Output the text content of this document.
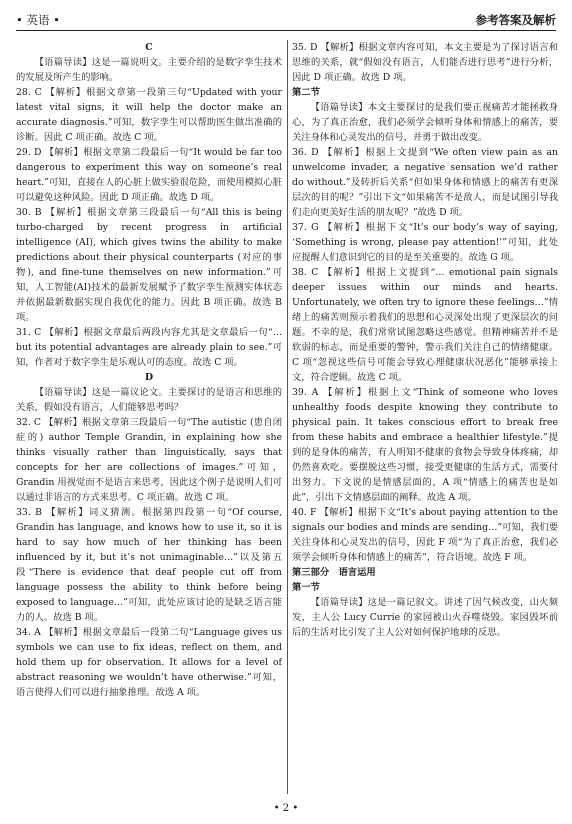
• 英语 •	参考答案及解析

C

【语篇导读】这是一篇说明文。主要介绍的是数字孪生技术的发展及所产生的影响。

28. C 【解析】根据文章第一段第三句“Updated with your latest vital signs, it will help the doctor make an accurate diagnosis.”可知，数字孪生可以帮助医生做出准确的诊断。因此 C 项正确。故选 C 项。

29. D 【解析】根据文章第二段最后一句“It would be far too dangerous to experiment this way on someone’s real heart.”可知，直接在人的心脏上做实验很危险，而使用模拟心脏可以避免这种风险。因此 D 项正确。故选 D 项。

30. B 【解析】根据文章第三段最后一句“All this is being turbo-charged by recent progress in artificial intelligence (AI), which gives twins the ability to make predictions about their physical counterparts (对应的事物), and fine-tune themselves on new information.”可知，人工智能(AI)技术的最新发展赋予了数字孪生预测实体状态并依据最新数据实现自我优化的能力。因此 B 项正确。故选 B 项。

31. C 【解析】根据文章最后两段内容尤其是文章最后一句“… but its potential advantages are already plain to see.”可知，作者对于数字孪生是乐观认可的态度。故选 C 项。

D

【语篇导读】这是一篇议论文。主要探讨的是语言和思维的关系，假如没有语言，人们能够思考吗？

32. C 【解析】根据文章第三段最后一句“The autistic (患自闭症的) author Temple Grandin, in explaining how she thinks visually rather than linguistically, says that concepts for her are collections of images.”可知，Grandin 用视觉而不是语言来思考，因此这个例子是说明人们可以通过非语言的方式来思考。C 项正确。故选 C 项。

33. B 【解析】词义猜测。根据第四段第一句“Of course, Grandin has language, and knows how to use it, so it is hard to say how much of her thinking has been influenced by it, but it’s not unimaginable…”以及第五段“There is evidence that deaf people cut off from language possess the ability to think before being exposed to language…”可知，此处应该讨论的是缺乏语言能力的人。故选 B 项。

34. A 【解析】根据文章最后一段第二句“Language gives us symbols we can use to fix ideas, reflect on them, and hold them up for observation. It allows for a level of abstract reasoning we wouldn’t have otherwise.”可知，语言使得人们可以进行抽象推理。故选 A 项。

35. D 【解析】根据文章内容可知，本文主要是为了探讨语言和思维的关系，就“假如没有语言，人们能否进行思考”进行分析，因此 D 项正确。故选 D 项。

第二节

【语篇导读】本文主要探讨的是我们要正视痛苦才能拯救身心，为了真正治愈，我们必须学会倾听身体和情感上的痛苦，要关注身体和心灵发出的信号，并勇于做出改变。

36. D 【解析】根据上文提到“We often view pain as an unwelcome invader, a negative sensation we’d rather do without.”及转折后关系“但如果身体和情感上的痛苦有更深层次的目的呢？”引出下文“如果痛苦不是敌人，而是试图引导我们走向更美好生活的朋友呢？”故选 D 项。

37. G 【解析】根据下文“It’s our body’s way of saying, ‘Something is wrong, please pay attention!’”可知，此处应提醒人们意识到它的目的是至关重要的。故选 G 项。

38. C 【解析】根据上文提到“… emotional pain signals deeper issues within our minds and hearts. Unfortunately, we often try to ignore these feelings…”情绪上的痛苦则预示着我们的思想和心灵深处出现了更深层次的问题。不幸的是，我们常常试图忽略这些感觉。但精神痛苦并不是软弱的标志，而是重要的警钟，警示我们关注自己的情绪健康。C 项“忽视这些信号可能会导致心理健康状况恶化”能够承接上文，符合逻辑。故选 C 项。

39. A 【解析】根据上文“Think of someone who loves unhealthy foods despite knowing they contribute to physical pain. It takes conscious effort to break free from these habits and embrace a healthier lifestyle.”提到的是身体的痛苦，有人明知不健康的食物会导致身体疼痛，却仍然喜欢吃。要摆脱这些习惯，接受更健康的生活方式，需要付出努力。下文说的是情感层面的，A 项“情感上的痛苦也是如此”，引出下文情感层面的阐释。故选 A 项。

40. F 【解析】根据下文“It’s about paying attention to the signals our bodies and minds are sending…”可知，我们要关注身体和心灵发出的信号，因此 F 项“为了真正治愈，我们必须学会倾听身体和情感上的痛苦”，符合语境。故选 F 项。

第三部分　语言运用

第一节

【语篇导读】这是一篇记叙文。讲述了因气候改变，山火频发，主人公 Lucy Currie 的家园被山火吞噬烧毁。家园毁坏前后的生活对比引发了主人公对如何保护地球的反思。

• 2 •
